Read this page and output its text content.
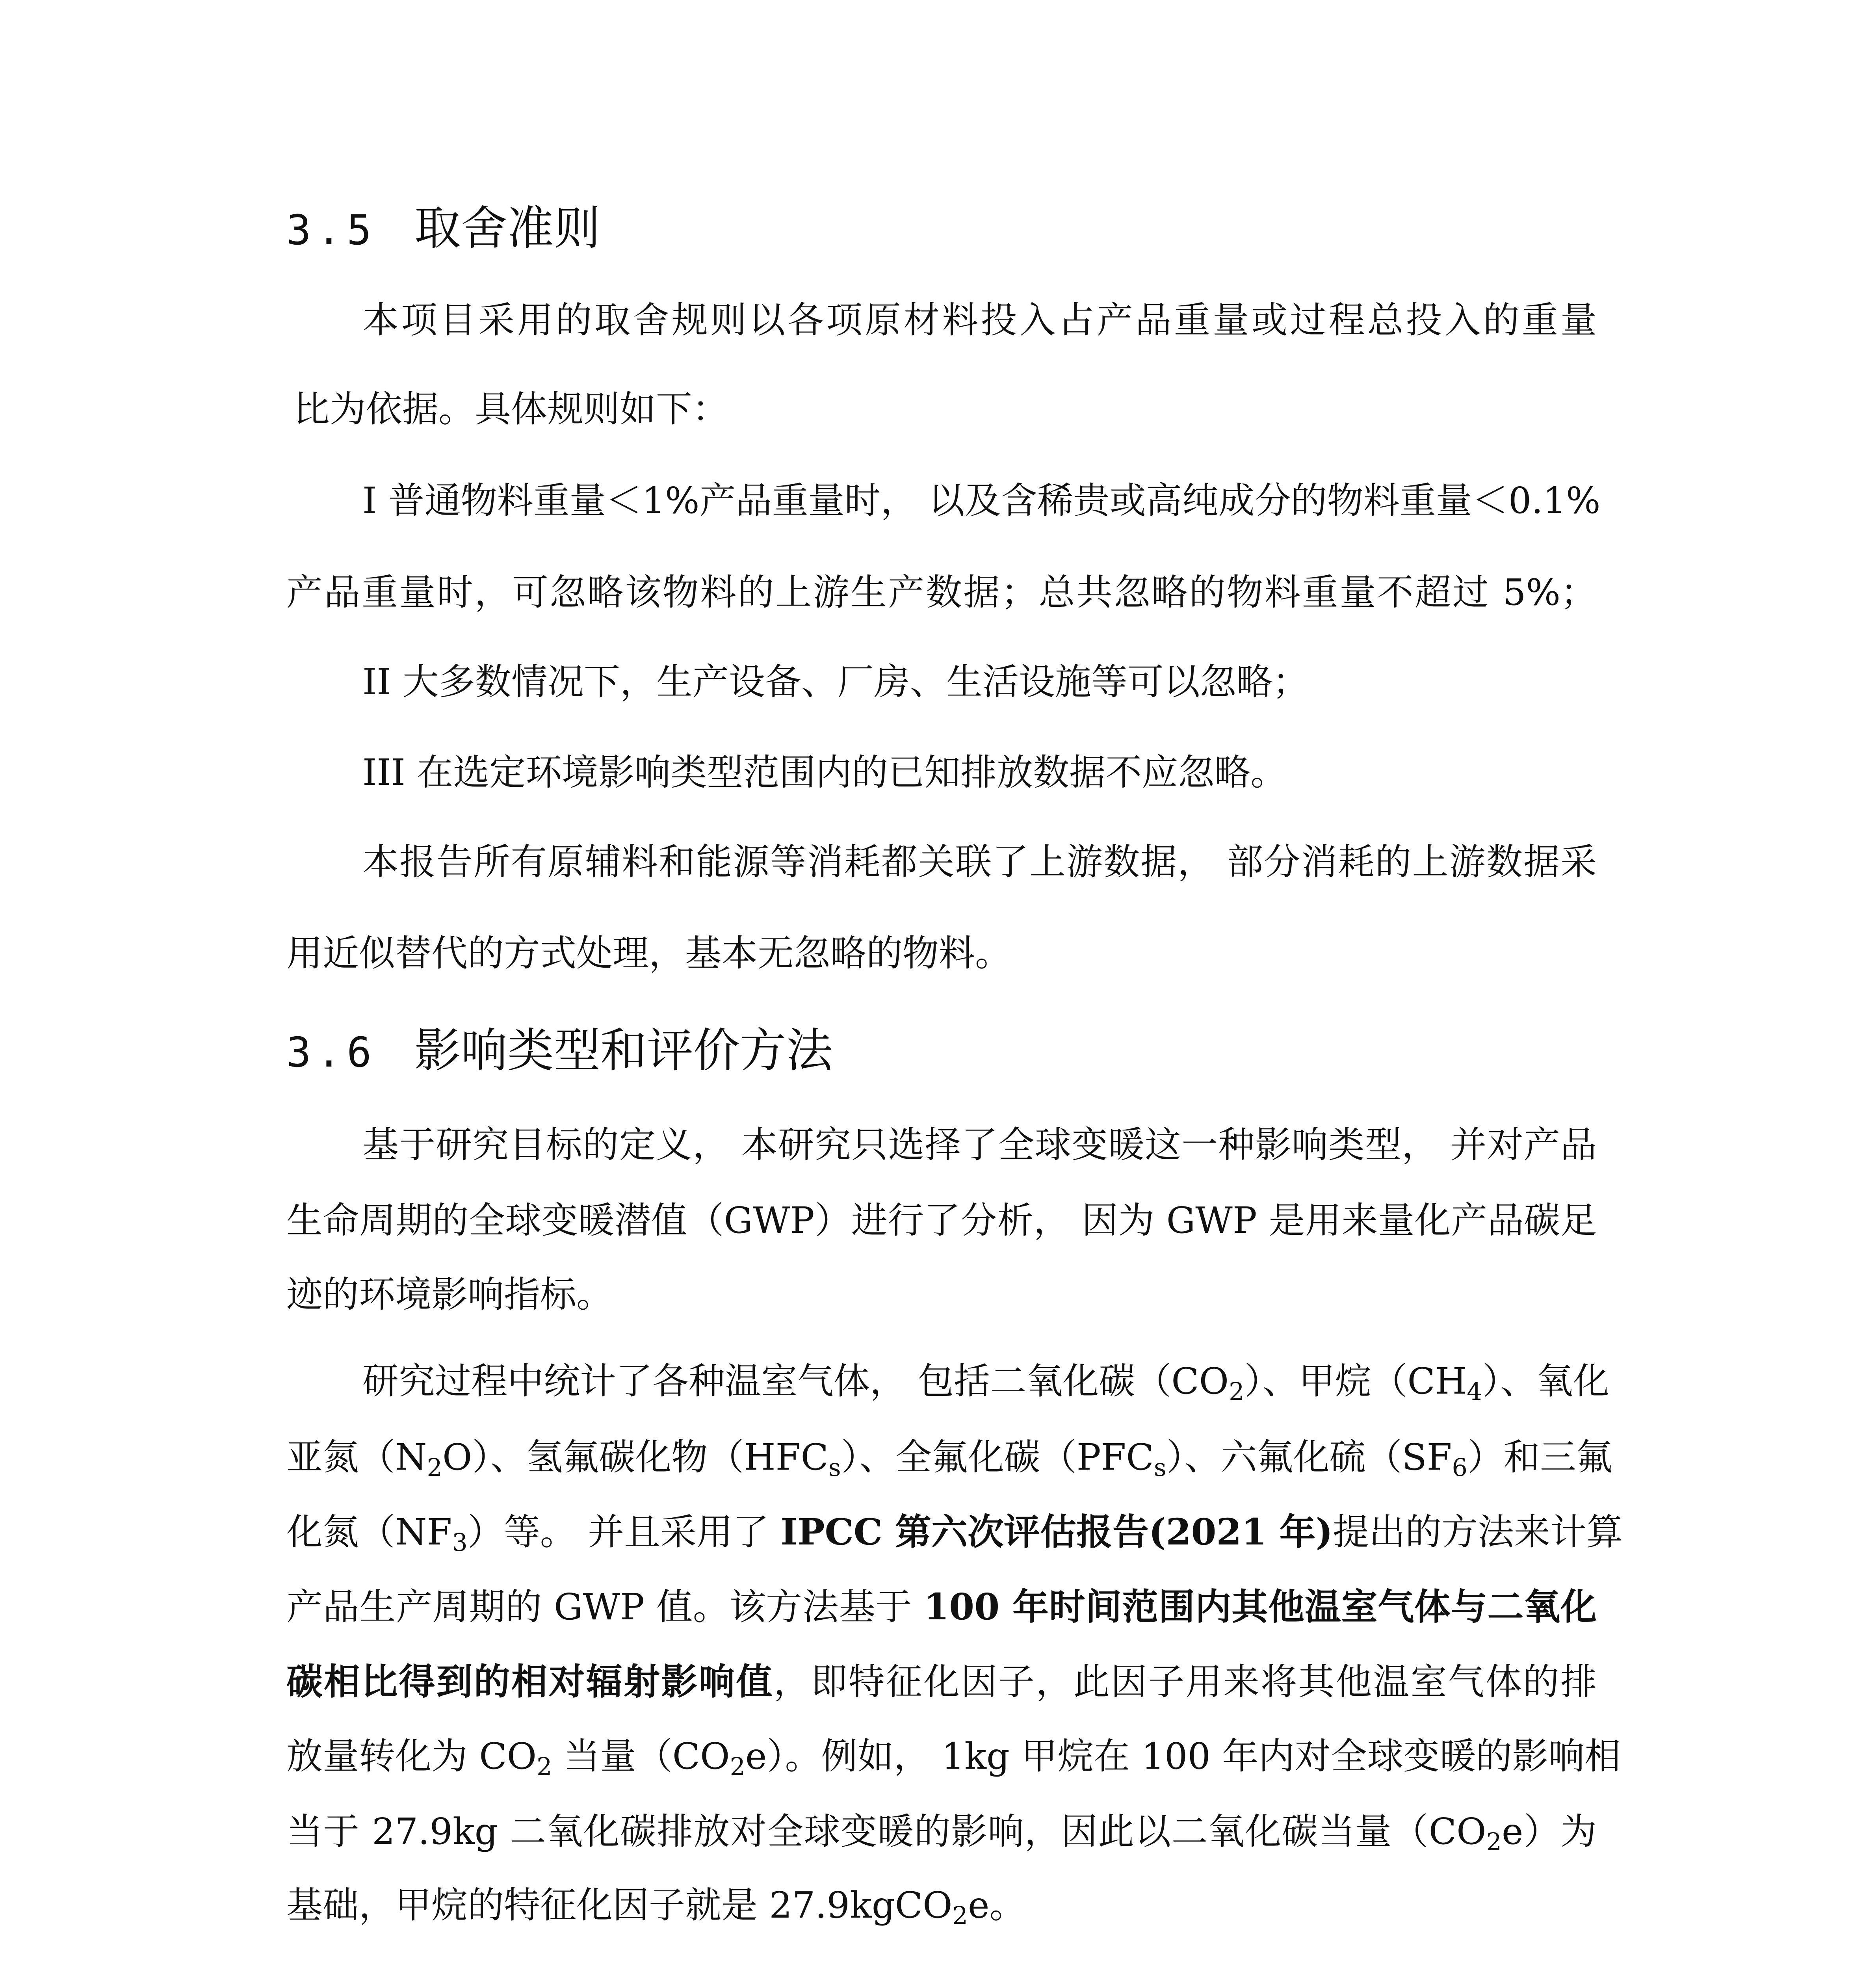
3.5 取舍准则

本项目采用的取舍规则以各项原材料投入占产品重量或过程总投入的重量

比为依据。具体规则如下：

I 普通物料重量＜1%产品重量时， 以及含稀贵或高纯成分的物料重量＜0.1%

产品重量时，可忽略该物料的上游生产数据；总共忽略的物料重量不超过 5%；

II 大多数情况下，生产设备、厂房、生活设施等可以忽略；

III 在选定环境影响类型范围内的已知排放数据不应忽略。

本报告所有原辅料和能源等消耗都关联了上游数据， 部分消耗的上游数据采

用近似替代的方式处理，基本无忽略的物料。

3.6 影响类型和评价方法

基于研究目标的定义， 本研究只选择了全球变暖这一种影响类型， 并对产品

生命周期的全球变暖潜值（GWP）进行了分析， 因为 GWP 是用来量化产品碳足

迹的环境影响指标。

研究过程中统计了各种温室气体， 包括二氧化碳$(CO_2)$、甲烷$(CH_4)$、氧化

亚氮$(N_2O)$、氢氟碳化物$(HFC_s)$、全氟化碳$(PFC_s)$、六氟化硫$(SF_6)$和三氟

化氮$(NF_3)$等。 并且采用了 IPCC 第六次评估报告(2021 年)提出的方法来计算

产品生产周期的 GWP 值。该方法基于 100 年时间范围内其他温室气体与二氧化

碳相比得到的相对辐射影响值，即特征化因子，此因子用来将其他温室气体的排

放量转化为 $CO_2$ 当量$(CO_2e)$。例如， 1kg 甲烷在 100 年内对全球变暖的影响相

当于 27.9kg 二氧化碳排放对全球变暖的影响，因此以二氧化碳当量$(CO_2e)$为

基础，甲烷的特征化因子就是 27.9kgCO$_2$e。
